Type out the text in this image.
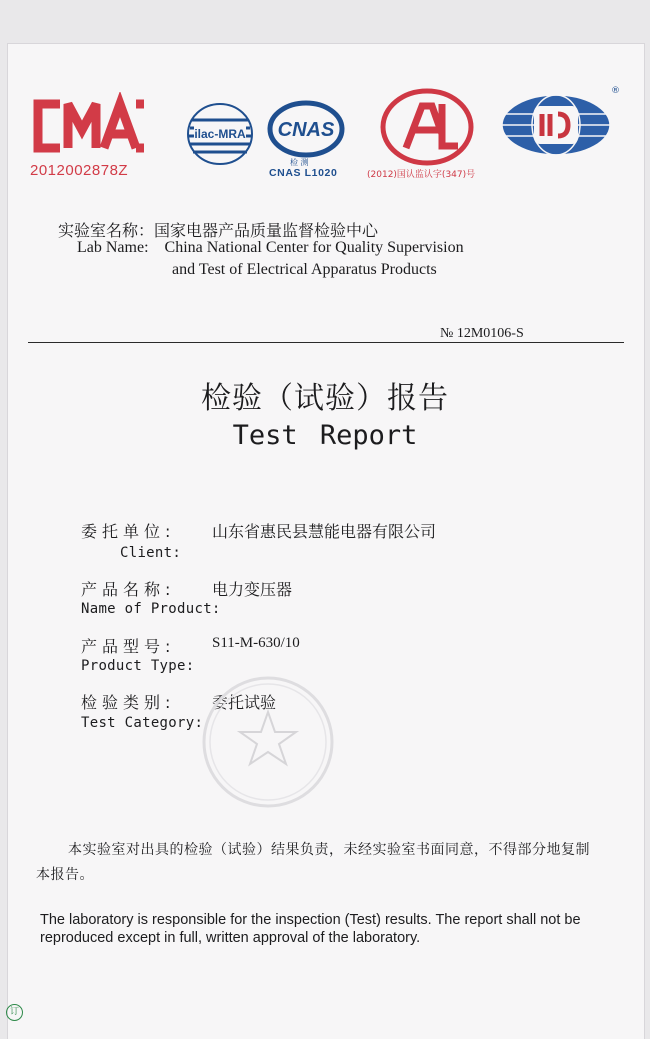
2012002878Z
ilac-MRA CNAS
检 测
CNAS L1020	(2012)国认监认字(347)号
®
实验室名称：国家电器产品质量监督检验中心
Lab Name: China National Center for Quality Supervision
and Test of Electrical Apparatus Products
№ 12M0106-S
检验（试验）报告
Test Report
委托单位: 山东省惠民县慧能电器有限公司
Client:
产品名称: 电力变压器
Name of Product:
产品型号: S11-M-630/10
Product Type:
检验类别: 委托试验
Test Category:
本实验室对出具的检验（试验）结果负责，未经实验室书面同意，不得部分地复制本报告。
The laboratory is responsible for the inspection (Test) results. The report shall not be reproduced except in full, written approval of the laboratory.
订
